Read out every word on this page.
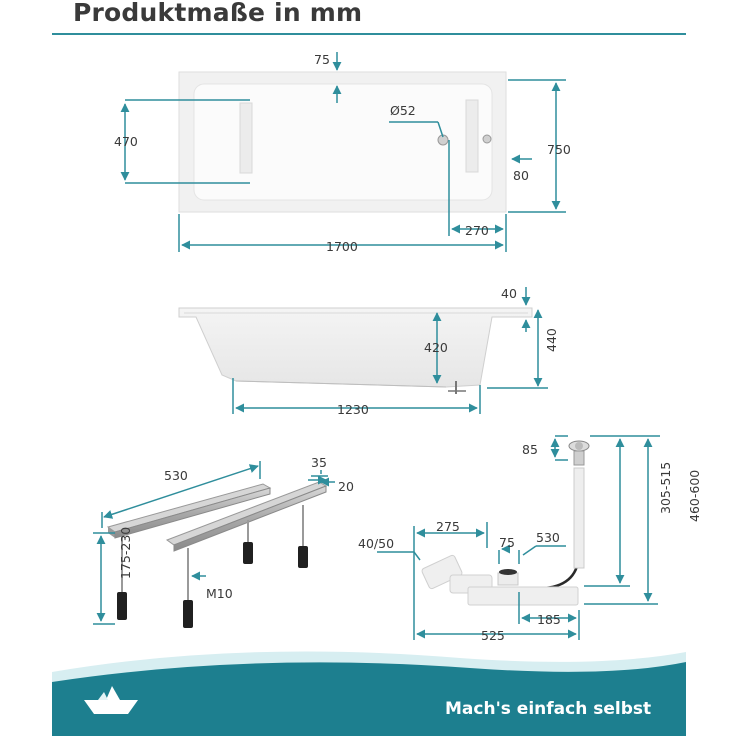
Produktmaße in mm
75
Ø52
470
750
80
270
1700
40
420	440
1230
530
35
20
175-230
M10
85
305-515 460-600
40/50
275
75 530
185
525
Mach's einfach selbst
